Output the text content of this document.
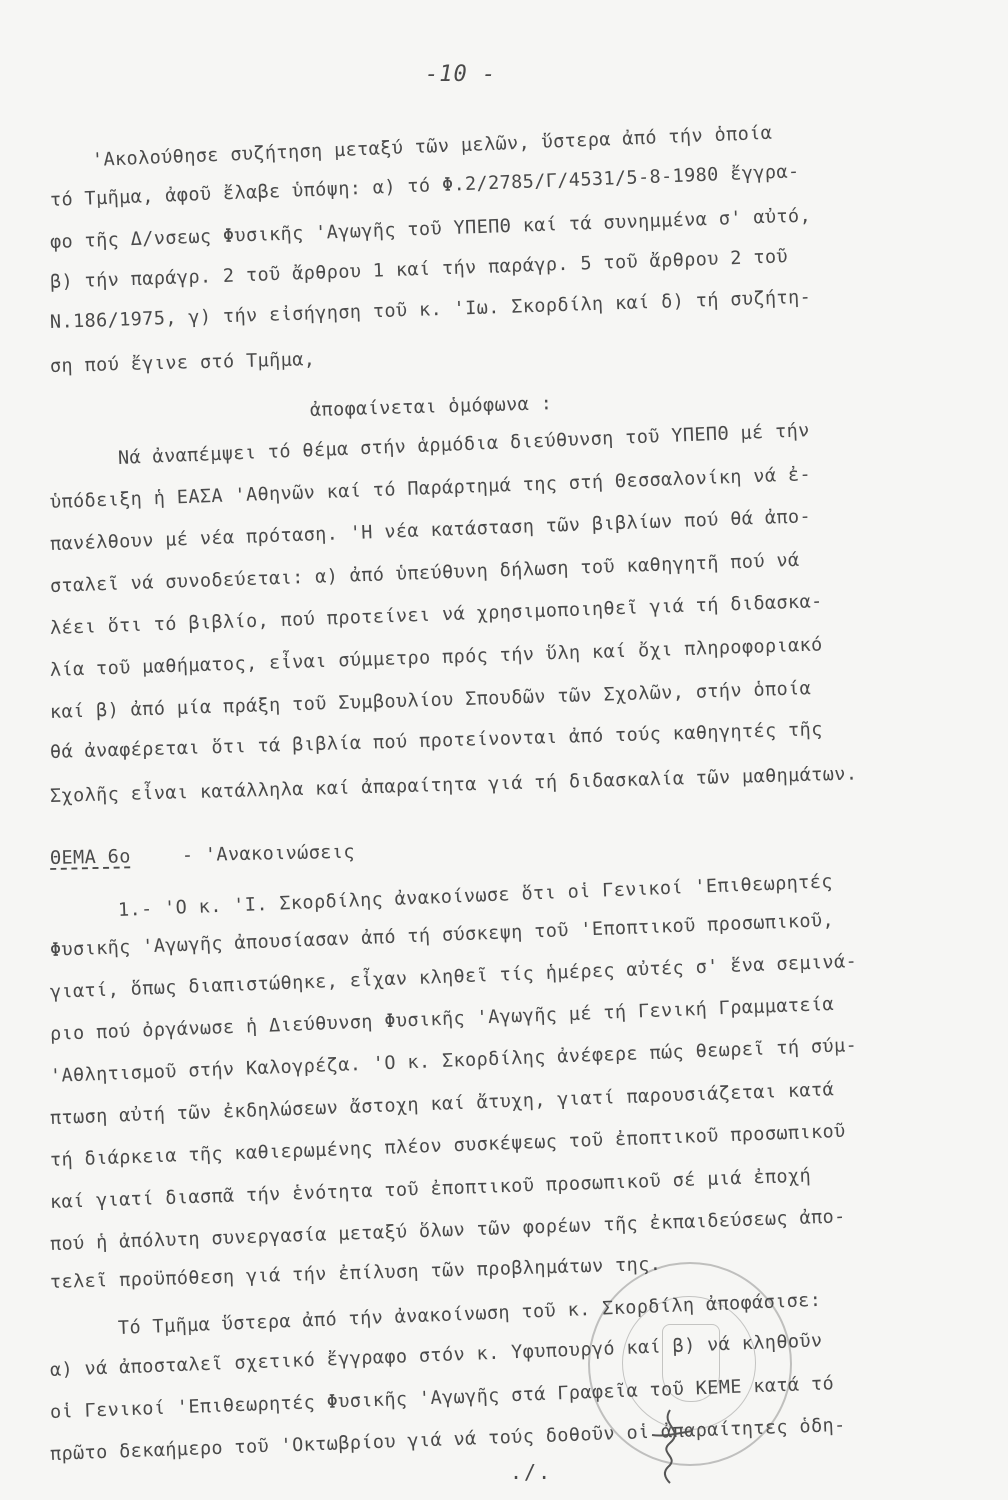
-10 -
'Ακολούθησε συζήτηση μεταξύ τῶν μελῶν, ὕστερα ἀπό τήν ὁποία
τό Τμῆμα, ἀφοῦ ἔλαβε ὑπόψη: α) τό Φ.2/2785/Γ/4531/5-8-1980 ἔγγρα-
φο τῆς Δ/νσεως Φυσικῆς 'Αγωγῆς τοῦ ΥΠΕΠΘ καί τά συνημμένα σ' αὐτό,
β) τήν παράγρ. 2 τοῦ ἄρθρου 1 καί τήν παράγρ. 5 τοῦ ἄρθρου 2 τοῦ
Ν.186/1975, γ) τήν εἰσήγηση τοῦ κ. 'Ιω. Σκορδίλη καί δ) τή συζήτη-
ση πού ἔγινε στό Τμῆμα,
ἀποφαίνεται ὁμόφωνα :
Νά ἀναπέμψει τό θέμα στήν ἁρμόδια διεύθυνση τοῦ ΥΠΕΠΘ μέ τήν
ὑπόδειξη ἡ ΕΑΣΑ 'Αθηνῶν καί τό Παράρτημά της στή Θεσσαλονίκη νά ἐ-
πανέλθουν μέ νέα πρόταση. 'Η νέα κατάσταση τῶν βιβλίων πού θά ἀπο-
σταλεῖ νά συνοδεύεται: α) ἀπό ὑπεύθυνη δήλωση τοῦ καθηγητῆ πού νά
λέει ὅτι τό βιβλίο, πού προτείνει νά χρησιμοποιηθεῖ γιά τή διδασκα-
λία τοῦ μαθήματος, εἶναι σύμμετρο πρός τήν ὕλη καί ὄχι πληροφοριακό
καί β) ἀπό μία πράξη τοῦ Συμβουλίου Σπουδῶν τῶν Σχολῶν, στήν ὁποία
θά ἀναφέρεται ὅτι τά βιβλία πού προτείνονται ἀπό τούς καθηγητές τῆς
Σχολῆς εἶναι κατάλληλα καί ἀπαραίτητα γιά τή διδασκαλία τῶν μαθημάτων.
ΘΕΜΑ 6ο	- 'Ανακοινώσεις
1.- 'Ο κ. 'Ι. Σκορδίλης ἀνακοίνωσε ὅτι οἱ Γενικοί 'Επιθεωρητές
Φυσικῆς 'Αγωγῆς ἀπουσίασαν ἀπό τή σύσκεψη τοῦ 'Εποπτικοῦ προσωπικοῦ,
γιατί, ὅπως διαπιστώθηκε, εἶχαν κληθεῖ τίς ἡμέρες αὐτές σ' ἕνα σεμινά-
ριο πού ὀργάνωσε ἡ Διεύθυνση Φυσικῆς 'Αγωγῆς μέ τή Γενική Γραμματεία
'Αθλητισμοῦ στήν Καλογρέζα. 'Ο κ. Σκορδίλης ἀνέφερε πώς θεωρεῖ τή σύμ-
πτωση αὐτή τῶν ἐκδηλώσεων ἄστοχη καί ἄτυχη, γιατί παρουσιάζεται κατά
τή διάρκεια τῆς καθιερωμένης πλέον συσκέψεως τοῦ ἐποπτικοῦ προσωπικοῦ
καί γιατί διασπᾶ τήν ἑνότητα τοῦ ἐποπτικοῦ προσωπικοῦ σέ μιά ἐποχή
πού ἡ ἀπόλυτη συνεργασία μεταξύ ὅλων τῶν φορέων τῆς ἐκπαιδεύσεως ἀπο-
τελεῖ προϋπόθεση γιά τήν ἐπίλυση τῶν προβλημάτων της.
Τό Τμῆμα ὕστερα ἀπό τήν ἀνακοίνωση τοῦ κ. Σκορδίλη ἀποφάσισε:
α) νά ἀποσταλεῖ σχετικό ἔγγραφο στόν κ. Υφυπουργό καί β) νά κληθοῦν
οἱ Γενικοί 'Επιθεωρητές Φυσικῆς 'Αγωγῆς στά Γραφεῖα τοῦ ΚΕΜΕ κατά τό
πρῶτο δεκαήμερο τοῦ 'Οκτωβρίου γιά νά τούς δοθοῦν οἱ ἀπαραίτητες ὁδη-
./.
